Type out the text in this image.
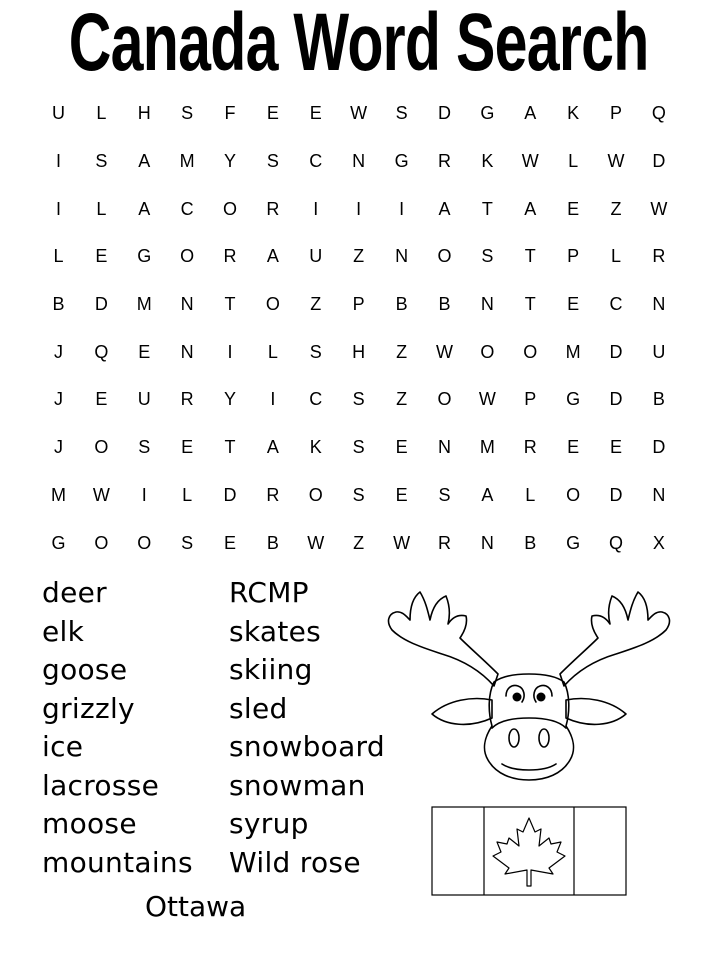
Canada Word Search
U	L	H	S	F	E	E	W	S	D	G	A	K	P	Q
I	S	A	M	Y	S	C	N	G	R	K	W	L	W	D
I	L	A	C	O	R	I	I	I	A	T	A	E	Z	W
L	E	G	O	R	A	U	Z	N	O	S	T	P	L	R
B	D	M	N	T	O	Z	P	B	B	N	T	E	C	N
J	Q	E	N	I	L	S	H	Z	W	O	O	M	D	U
J	E	U	R	Y	I	C	S	Z	O	W	P	G	D	B
J	O	S	E	T	A	K	S	E	N	M	R	E	E	D
M	W	I	L	D	R	O	S	E	S	A	L	O	D	N
G	O	O	S	E	B	W	Z	W	R	N	B	G	Q	X
deer
elk
goose
grizzly
ice
lacrosse
moose
mountains
RCMP
skates
skiing
sled
snowboard
snowman
syrup
Wild rose
Ottawa
